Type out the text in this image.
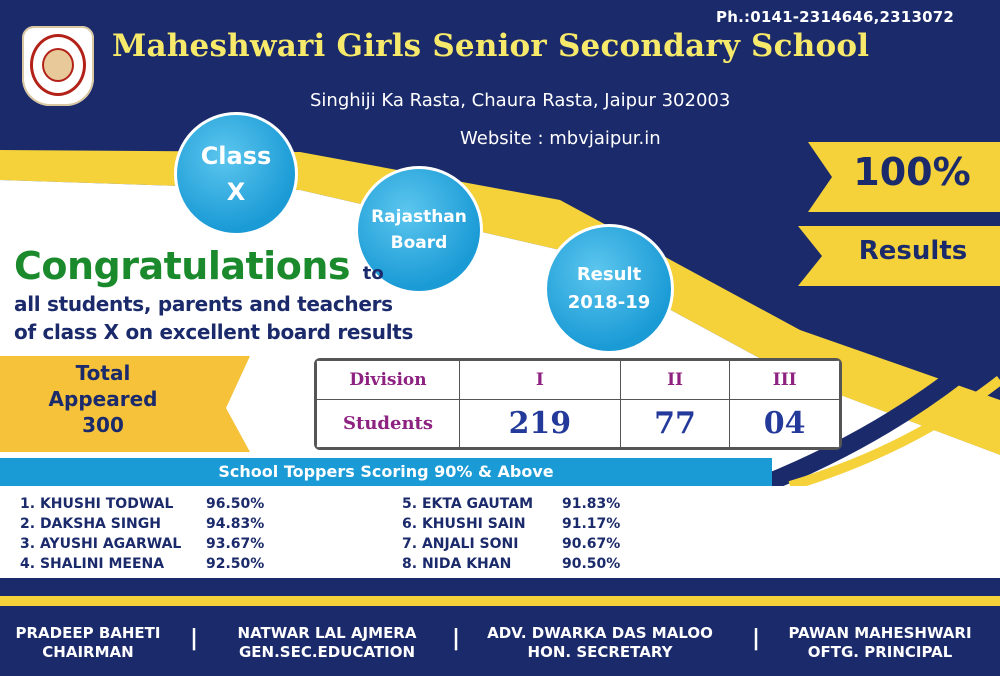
Ph.:0141-2314646,2313072
Maheshwari Girls Senior Secondary School
Singhiji Ka Rasta, Chaura Rasta, Jaipur 302003
Website : mbvjaipur.in
Class
X
Rajasthan
Board
Result
2018-19
100%
Results
Congratulations to
all students, parents and teachers
of class X on excellent board results
Total
Appeared
300
Division	I	II	III
Students	219	77	04
School Toppers Scoring 90% & Above
1. KHUSHI TODWAL 96.50%
2. DAKSHA SINGH	94.83%
3. AYUSHI AGARWAL 93.67%
4. SHALINI MEENA	92.50%
5. EKTA GAUTAM 91.83%
6. KHUSHI SAIN	91.17%
7. ANJALI SONI	90.67%
8. NIDA KHAN	90.50%
PRADEEP BAHETI
CHAIRMAN
|	NATWAR LAL AJMERA
GEN.SEC.EDUCATION
|	ADV. DWARKA DAS MALOO
HON. SECRETARY
|	PAWAN MAHESHWARI
OFTG. PRINCIPAL
